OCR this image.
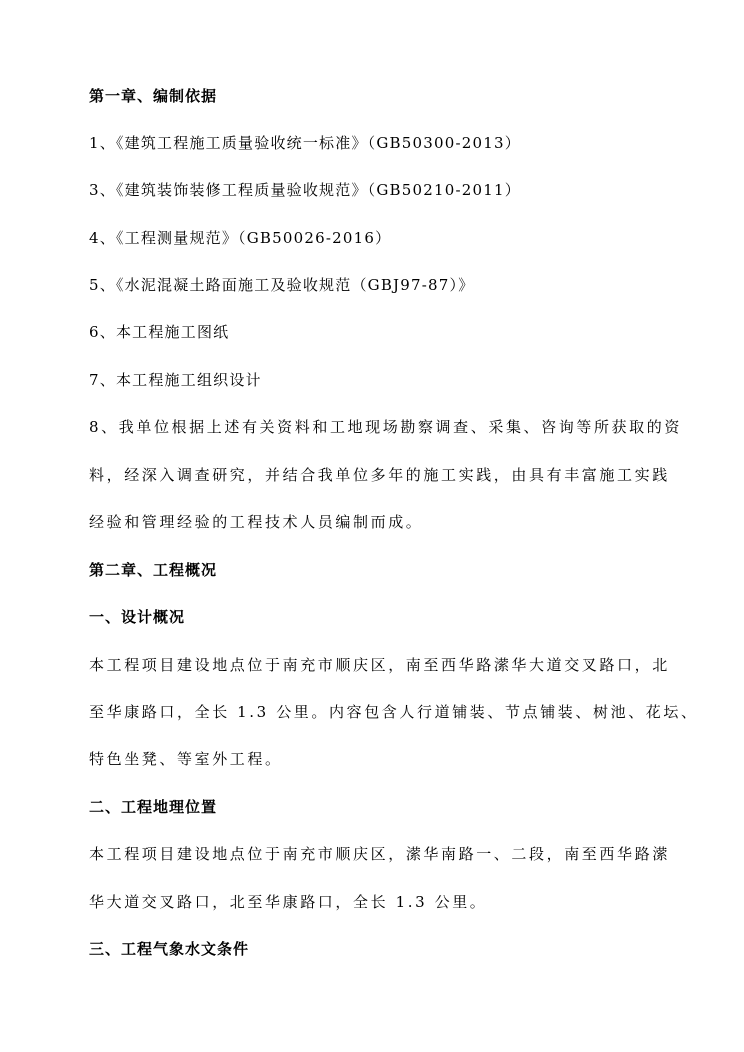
第一章、编制依据
1、《建筑工程施工质量验收统一标准》（GB50300-2013）
3、《建筑装饰装修工程质量验收规范》（GB50210-2011）
4、《工程测量规范》（GB50026-2016）
5、《水泥混凝土路面施工及验收规范（GBJ97-87）》
6、本工程施工图纸
7、本工程施工组织设计
8、我单位根据上述有关资料和工地现场勘察调查、采集、咨询等所获取的资
料，经深入调查研究，并结合我单位多年的施工实践，由具有丰富施工实践
经验和管理经验的工程技术人员编制而成。
第二章、工程概况
一、设计概况
本工程项目建设地点位于南充市顺庆区，南至西华路潆华大道交叉路口，北
至华康路口，全长 1.3 公里。内容包含人行道铺装、节点铺装、树池、花坛、
特色坐凳、等室外工程。
二、工程地理位置
本工程项目建设地点位于南充市顺庆区，潆华南路一、二段，南至西华路潆
华大道交叉路口，北至华康路口，全长 1.3 公里。
三、工程气象水文条件
